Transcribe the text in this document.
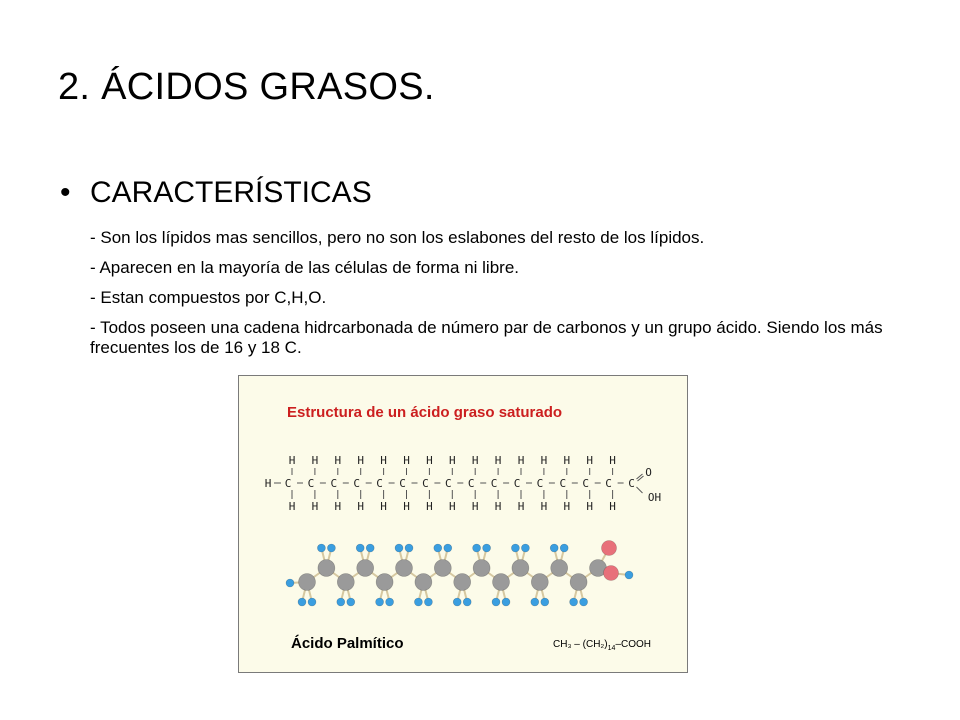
2. ÁCIDOS GRASOS.
• CARACTERÍSTICAS
- Son los lípidos mas sencillos, pero no son los eslabones del resto de los lípidos.
- Aparecen en la mayoría de las células de forma ni libre.
- Estan compuestos por C,H,O.
- Todos poseen una cadena hidrcarbonada de número par de carbonos y un grupo ácido. Siendo los más frecuentes los de 16 y 18 C.
Estructura de un ácido graso saturado
H C
H
H
C
H
H
C
H
H
C
H
H
C
H
H
C
H
H
C
H
H
C
H
H
C
H
H
C
H
H
C
H
H
C
H
H
C
H
H
C
H
H
C
H
H
C
O
OH
Ácido Palmítico	$CH_3 - (CH_2)_{14}$–COOH
